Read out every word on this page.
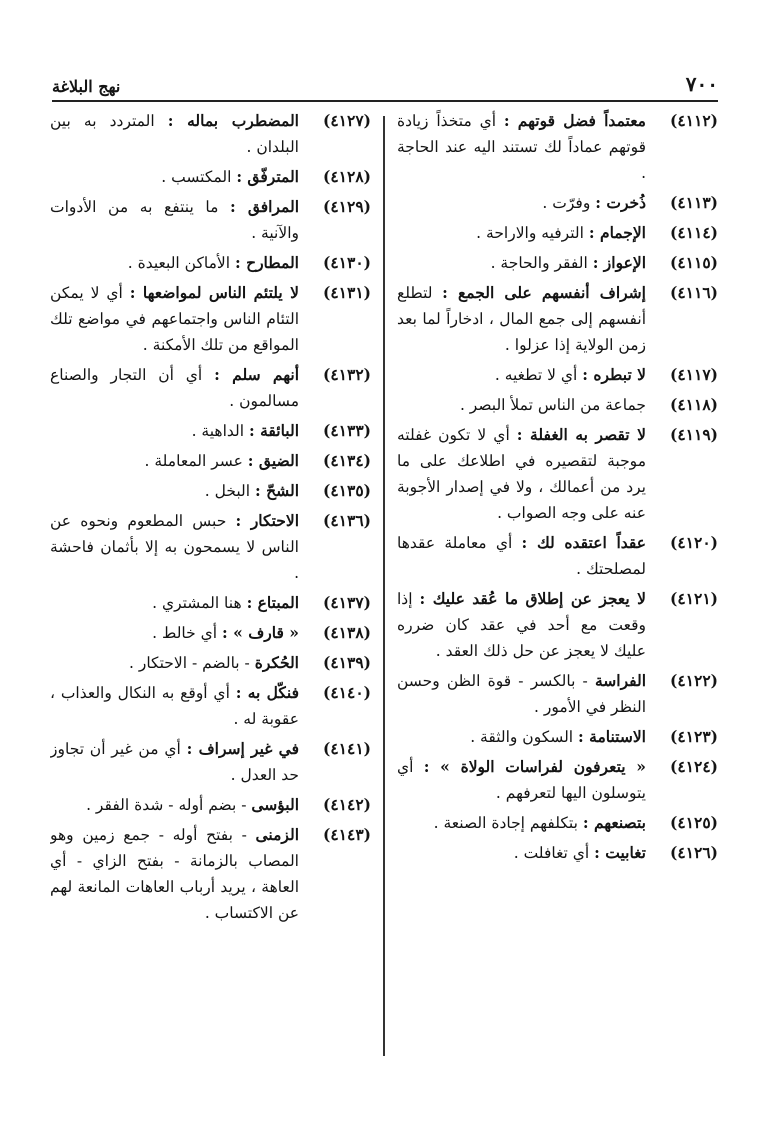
٧٠٠
نهج البلاغة
(٤١١٢)
معتمداً فضل قوتهم : أي متخذاً زيادة قوتهم عماداً لك تستند اليه عند الحاجة .
(٤١١٣)
ذُخرت : وفرّت .
(٤١١٤)
الإجمام : الترفيه والاراحة .
(٤١١٥)
الإعواز : الفقر والحاجة .
(٤١١٦)
إشراف أنفسهم على الجمع : لتطلع أنفسهم إلى جمع المال ، ادخاراً لما بعد زمن الولاية إذا عزلوا .
(٤١١٧)
لا تبطره : أي لا تطغيه .
(٤١١٨)
جماعة من الناس تملأ البصر .
(٤١١٩)
لا تقصر به الغفلة : أي لا تكون غفلته موجبة لتقصيره في اطلاعك على ما يرد من أعمالك ، ولا في إصدار الأجوبة عنه على وجه الصواب .
(٤١٢٠)
عقداً اعتقده لك : أي معاملة عقدها لمصلحتك .
(٤١٢١)
لا يعجز عن إطلاق ما عُقد عليك : إذا وقعت مع أحد في عقد كان ضرره عليك لا يعجز عن حل ذلك العقد .
(٤١٢٢)
الفراسة - بالكسر - قوة الظن وحسن النظر في الأمور .
(٤١٢٣)
الاستنامة : السكون والثقة .
(٤١٢٤)
« يتعرفون لفراسات الولاة » : أي يتوسلون اليها لتعرفهم .
(٤١٢٥)
بتصنعهم : بتكلفهم إجادة الصنعة .
(٤١٢٦)
تغابيت : أي تغافلت .
(٤١٢٧)
المضطرب بماله : المتردد به بين البلدان .
(٤١٢٨)
المترفّق : المكتسب .
(٤١٢٩)
المرافق : ما ينتفع به من الأدوات والآنية .
(٤١٣٠)
المطارح : الأماكن البعيدة .
(٤١٣١)
لا يلتئم الناس لمواضعها : أي لا يمكن التئام الناس واجتماعهم في مواضع تلك المواقع من تلك الأمكنة .
(٤١٣٢)
أنهم سلم : أي أن التجار والصناع مسالمون .
(٤١٣٣)
البائقة : الداهية .
(٤١٣٤)
الضيق : عسر المعاملة .
(٤١٣٥)
الشحّ : البخل .
(٤١٣٦)
الاحتكار : حبس المطعوم ونحوه عن الناس لا يسمحون به إلا بأثمان فاحشة .
(٤١٣٧)
المبتاع : هنا المشتري .
(٤١٣٨)
« قارف » : أي خالط .
(٤١٣٩)
الحُكرة - بالضم - الاحتكار .
(٤١٤٠)
فنكّل به : أي أوقع به النكال والعذاب ، عقوبة له .
(٤١٤١)
في غير إسراف : أي من غير أن تجاوز حد العدل .
(٤١٤٢)
البؤسى - بضم أوله - شدة الفقر .
(٤١٤٣)
الزمنى - بفتح أوله - جمع زمين وهو المصاب بالزمانة - بفتح الزاي - أي العاهة ، يريد أرباب العاهات المانعة لهم عن الاكتساب .
